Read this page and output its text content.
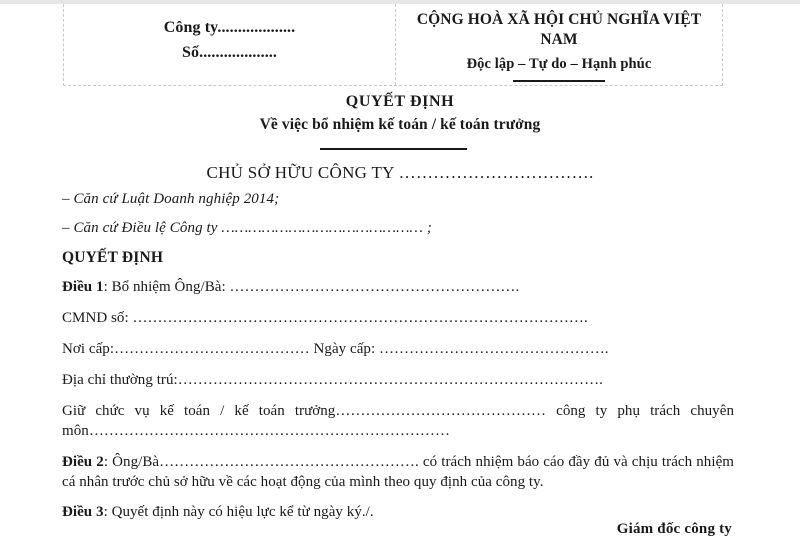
Công ty...................
Số...................
CỘNG HOÀ XÃ HỘI CHỦ NGHĨA VIỆT NAM
Độc lập – Tự do – Hạnh phúc
QUYẾT ĐỊNH
Về việc bổ nhiệm kế toán / kế toán trưởng
CHỦ SỞ HỮU CÔNG TY …………………………….
– Căn cứ Luật Doanh nghiệp 2014;
– Căn cứ Điều lệ Công ty ……………………………………… ;
QUYẾT ĐỊNH
Điều 1: Bổ nhiệm Ông/Bà: ………………………………………………….
CMND số: ……………………………………………………………………………….
Nơi cấp:………………………………… Ngày cấp: ……………………………………….
Địa chỉ thường trú:………………………………………………………………………….
Giữ chức vụ kế toán / kế toán trưởng…………………………………… công ty phụ trách chuyên môn………………………………………………………………
Điều 2: Ông/Bà……………………………………………. có trách nhiệm báo cáo đầy đủ và chịu trách nhiệm cá nhân trước chủ sở hữu về các hoạt động của mình theo quy định của công ty.
Điều 3: Quyết định này có hiệu lực kể từ ngày ký./.
Giám đốc công ty
